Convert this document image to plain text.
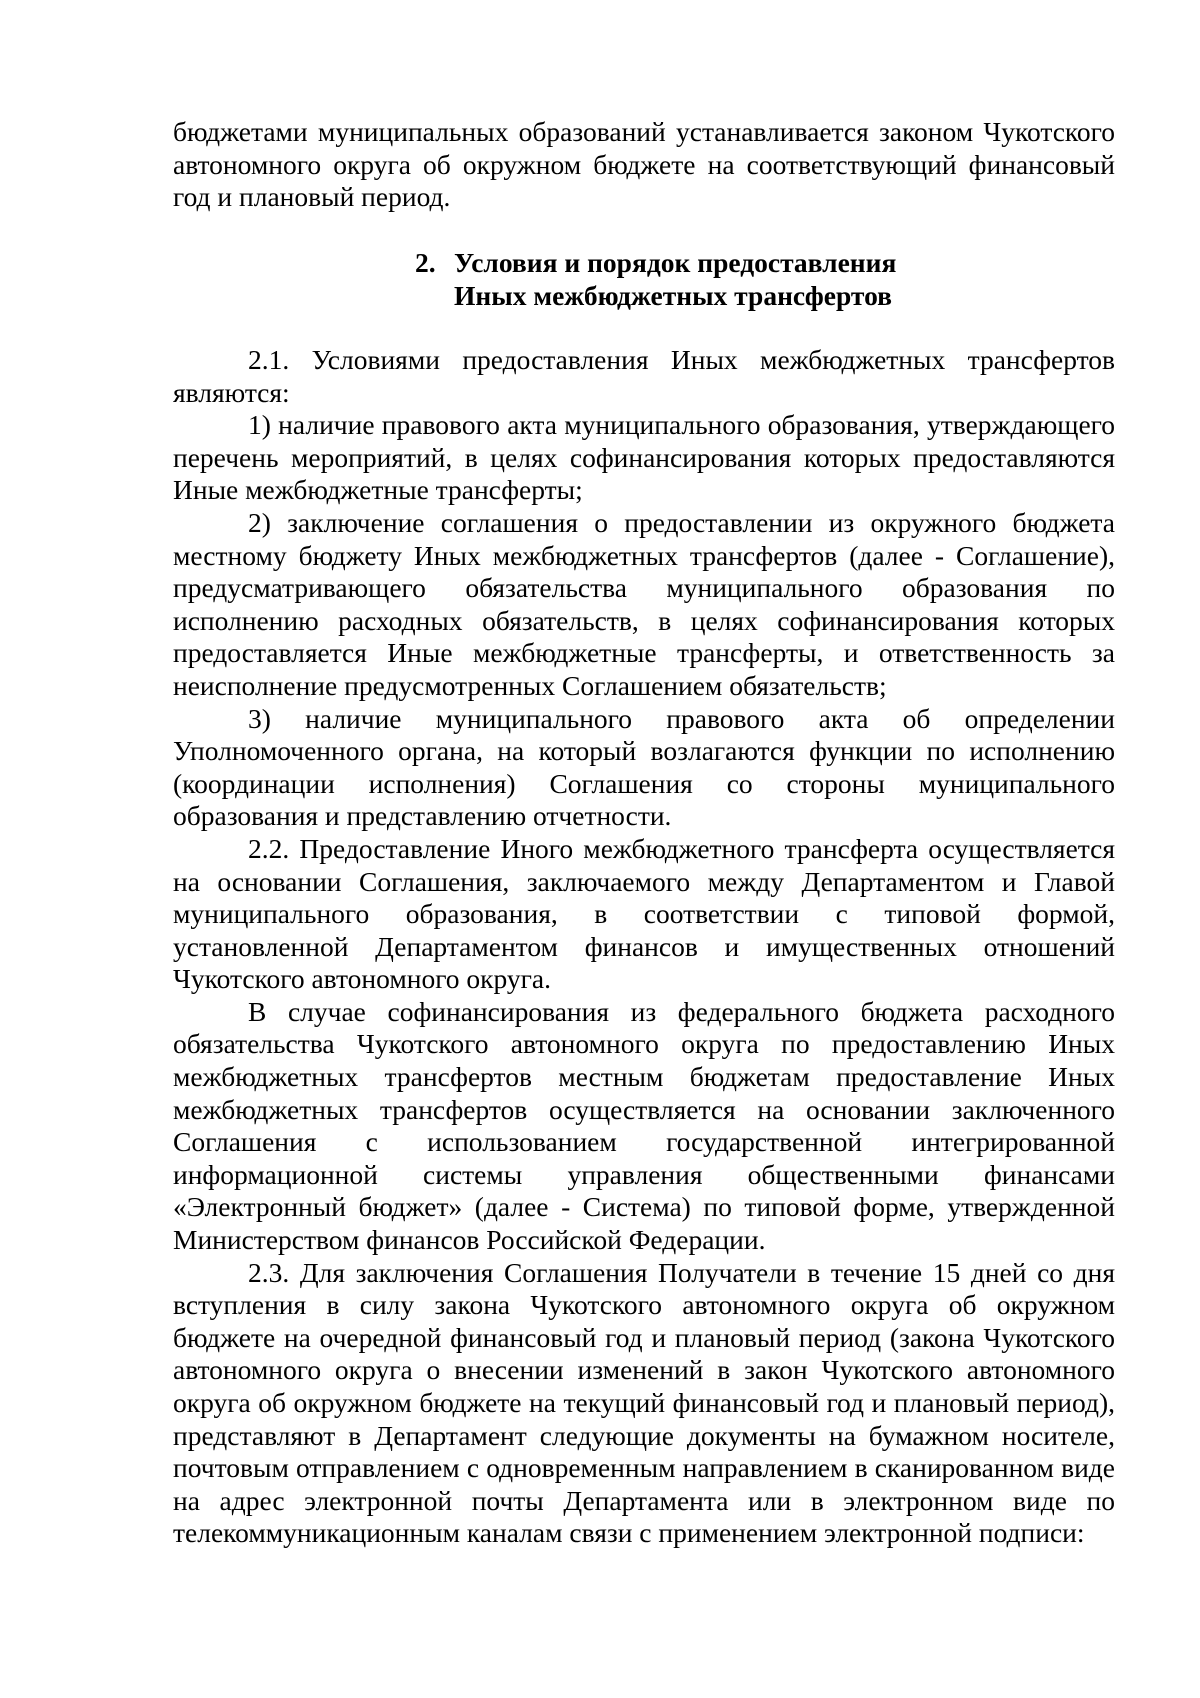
бюджетами муниципальных образований устанавливается законом Чукотского автономного округа об окружном бюджете на соответствующий финансовый год и плановый период.

2. Условия и порядок предоставления
Иных межбюджетных трансфертов

2.1. Условиями предоставления Иных межбюджетных трансфертов являются:

1) наличие правового акта муниципального образования, утверждающего перечень мероприятий, в целях софинансирования которых предоставляются Иные межбюджетные трансферты;

2) заключение соглашения о предоставлении из окружного бюджета местному бюджету Иных межбюджетных трансфертов (далее - Соглашение), предусматривающего обязательства муниципального образования по исполнению расходных обязательств, в целях софинансирования которых предоставляется Иные межбюджетные трансферты, и ответственность за неисполнение предусмотренных Соглашением обязательств;

3) наличие муниципального правового акта об определении Уполномоченного органа, на который возлагаются функции по исполнению (координации исполнения) Соглашения со стороны муниципального образования и представлению отчетности.

2.2. Предоставление Иного межбюджетного трансферта осуществляется на основании Соглашения, заключаемого между Департаментом и Главой муниципального образования, в соответствии с типовой формой, установленной Департаментом финансов и имущественных отношений Чукотского автономного округа.

В случае софинансирования из федерального бюджета расходного обязательства Чукотского автономного округа по предоставлению Иных межбюджетных трансфертов местным бюджетам предоставление Иных межбюджетных трансфертов осуществляется на основании заключенного Соглашения с использованием государственной интегрированной информационной системы управления общественными финансами «Электронный бюджет» (далее - Система) по типовой форме, утвержденной Министерством финансов Российской Федерации.

2.3. Для заключения Соглашения Получатели в течение 15 дней со дня вступления в силу закона Чукотского автономного округа об окружном бюджете на очередной финансовый год и плановый период (закона Чукотского автономного округа о внесении изменений в закон Чукотского автономного округа об окружном бюджете на текущий финансовый год и плановый период), представляют в Департамент следующие документы на бумажном носителе, почтовым отправлением с одновременным направлением в сканированном виде на адрес электронной почты Департамента или в электронном виде по телекоммуникационным каналам связи с применением электронной подписи:
